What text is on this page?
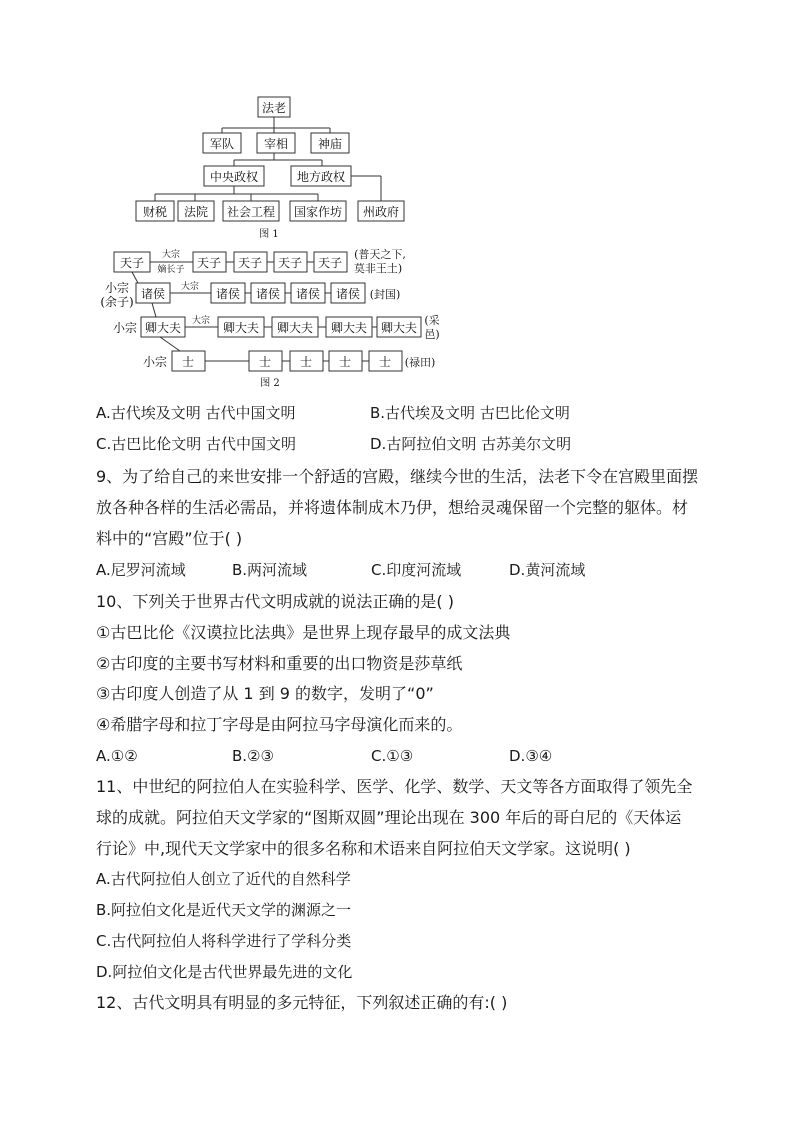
法老
军队 宰相 神庙
中央政权	地方政权
财税 法院 社会工程 国家作坊 州政府
图 1
天子
大宗
嫡长子 天子 天子 天子 天子
(普天之下,
莫非王土)
小宗
(余子)
诸侯 大宗 诸侯 诸侯 诸侯 诸侯 (封国)
小宗 卿大夫 大宗 卿大夫 卿大夫 卿大夫 卿大夫
(采
邑)
小宗 士	士 士 士 士 (禄田)
图 2
A.古代埃及文明 古代中国文明	B.古代埃及文明 古巴比伦文明
C.古巴比伦文明 古代中国文明	D.古阿拉伯文明 古苏美尔文明
9、为了给自己的来世安排一个舒适的宫殿，继续今世的生活，法老下令在宫殿里面摆
放各种各样的生活必需品，并将遗体制成木乃伊，想给灵魂保留一个完整的躯体。材
料中的“宫殿”位于( )
A.尼罗河流域	B.两河流域	C.印度河流域	D.黄河流域
10、下列关于世界古代文明成就的说法正确的是( )
①古巴比伦《汉谟拉比法典》是世界上现存最早的成文法典
②古印度的主要书写材料和重要的出口物资是莎草纸
③古印度人创造了从 1 到 9 的数字，发明了“0”
④希腊字母和拉丁字母是由阿拉马字母演化而来的。
A.①②	B.②③	C.①③	D.③④
11、中世纪的阿拉伯人在实验科学、医学、化学、数学、天文等各方面取得了领先全
球的成就。阿拉伯天文学家的“图斯双圆”理论出现在 300 年后的哥白尼的《天体运
行论》中,现代天文学家中的很多名称和术语来自阿拉伯天文学家。这说明( )
A.古代阿拉伯人创立了近代的自然科学
B.阿拉伯文化是近代天文学的渊源之一
C.古代阿拉伯人将科学进行了学科分类
D.阿拉伯文化是古代世界最先进的文化
12、古代文明具有明显的多元特征，下列叙述正确的有:( )
